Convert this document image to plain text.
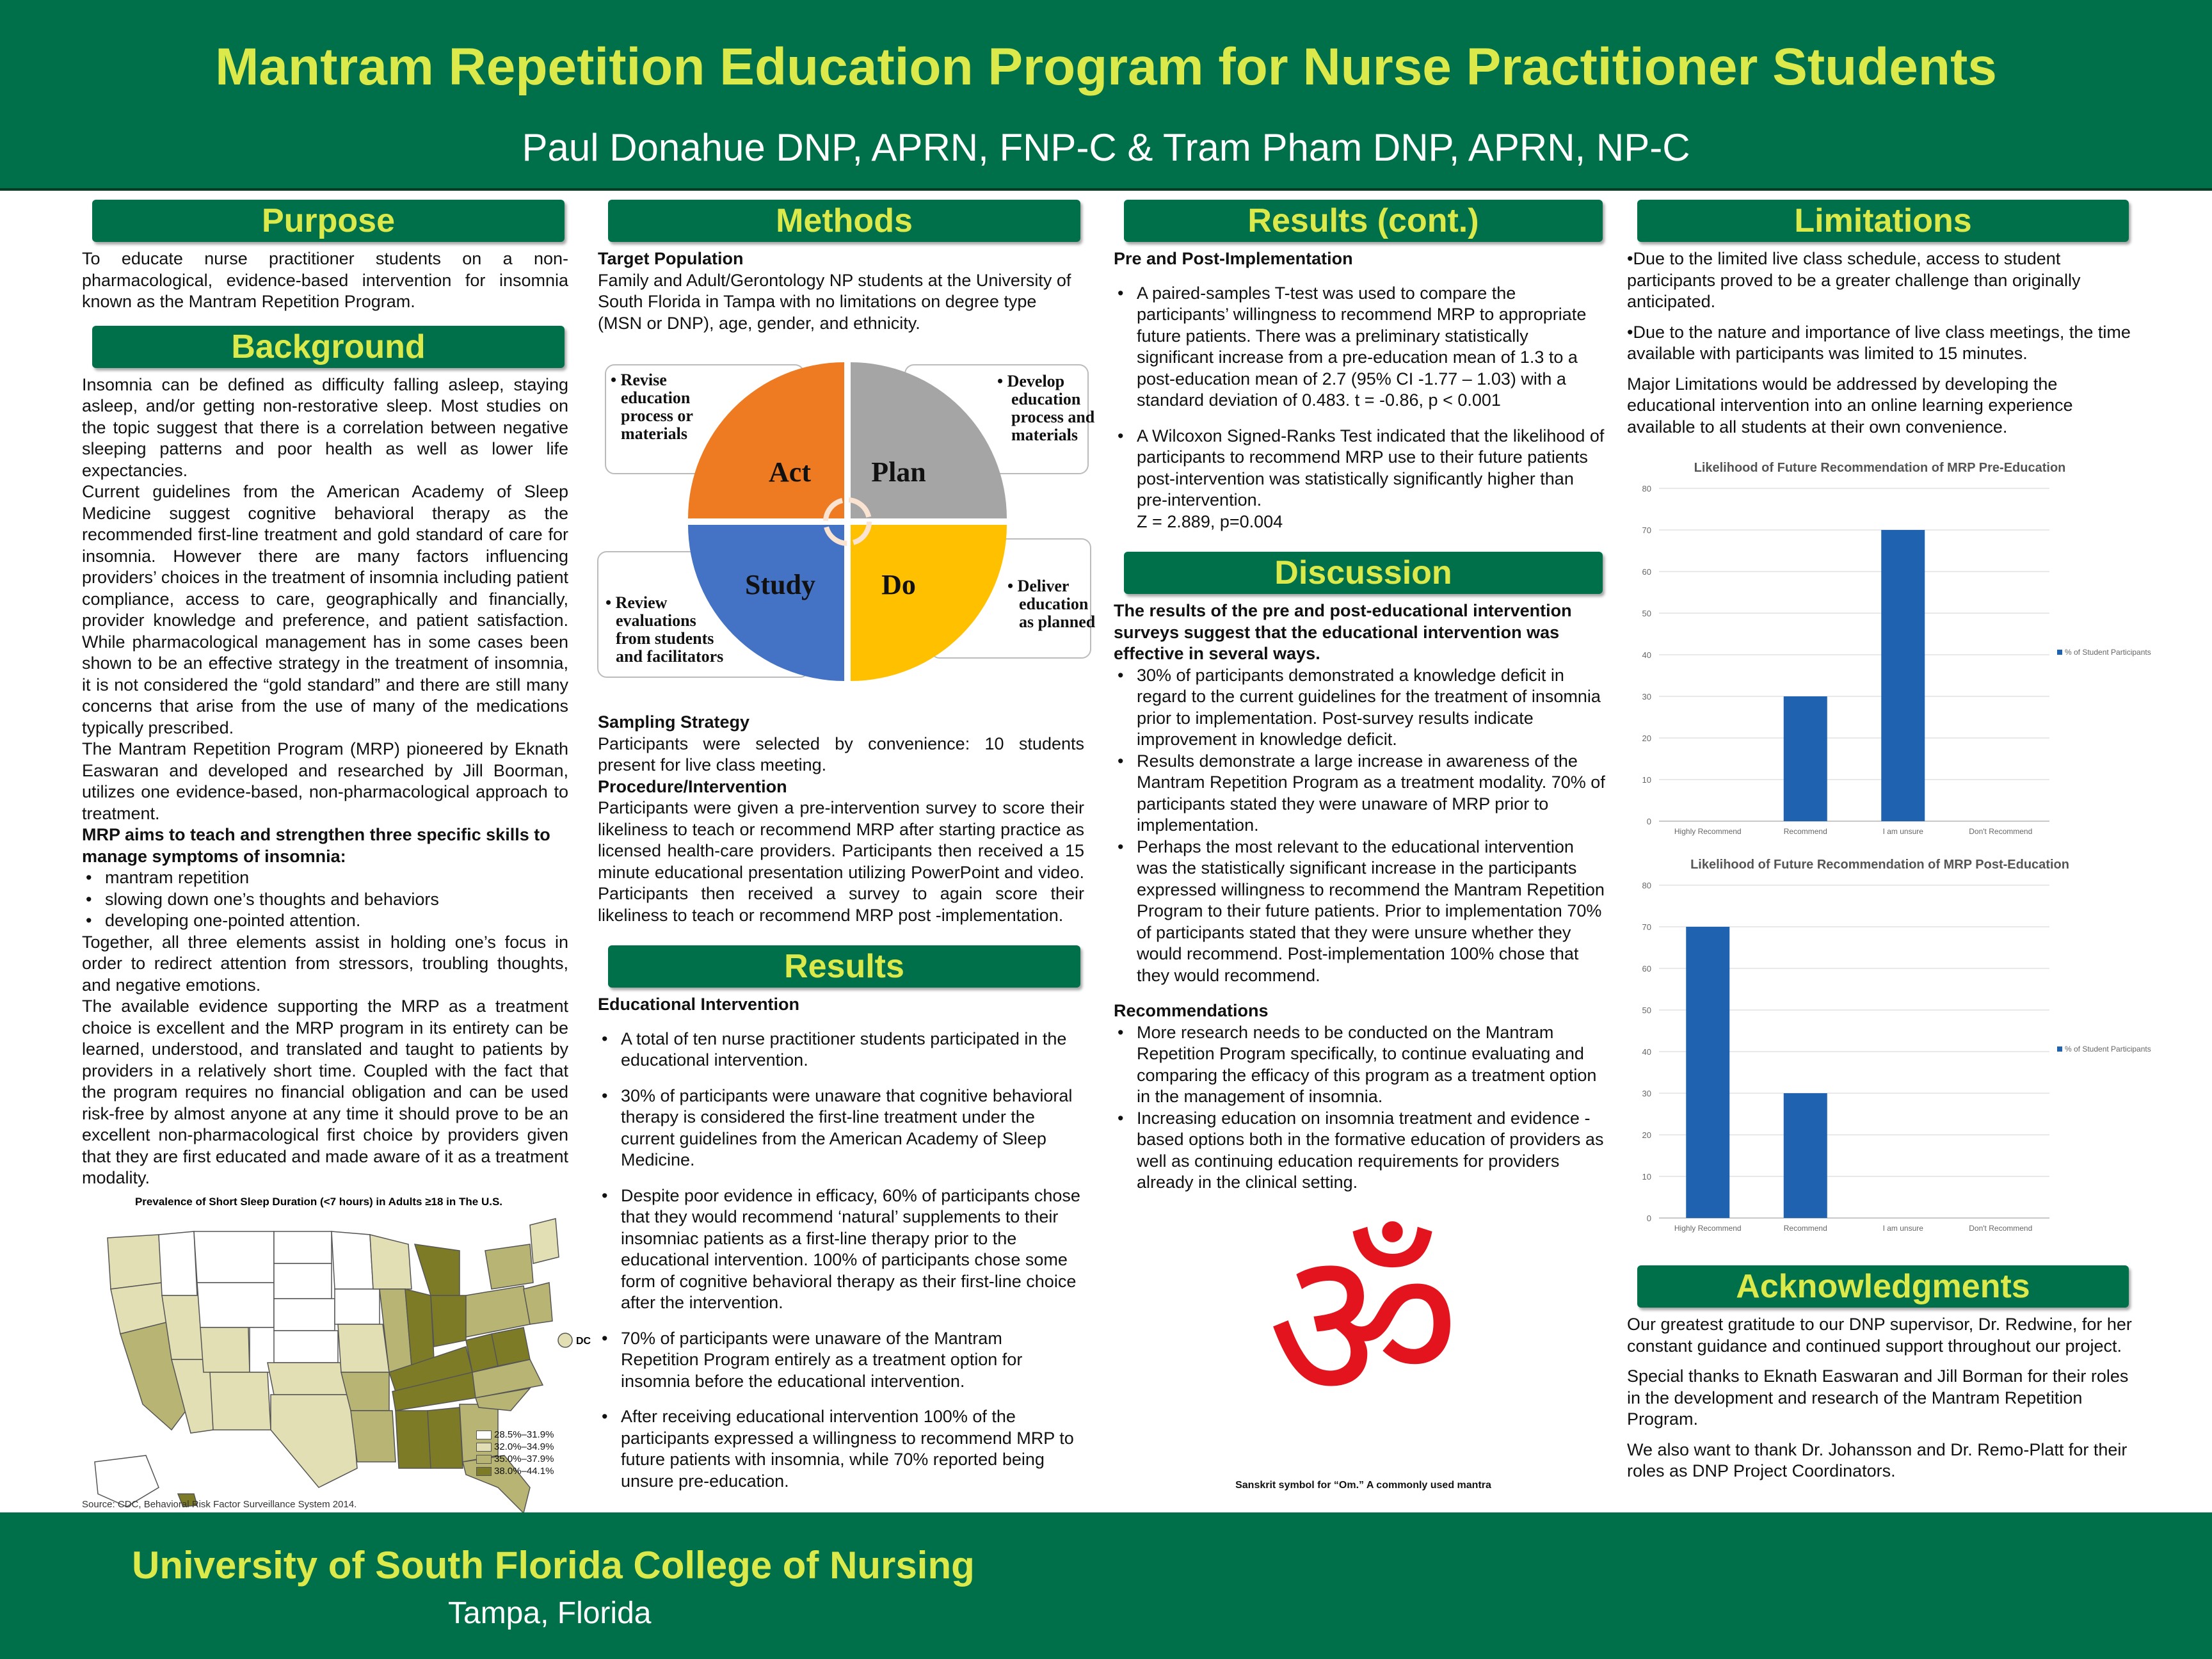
Mantram Repetition Education Program for Nurse Practitioner Students
Paul Donahue DNP, APRN, FNP-C & Tram Pham DNP, APRN, NP-C
Purpose

To educate nurse practitioner students on a non-pharmacological, evidence-based intervention for insomnia known as the Mantram Repetition Program.

Background

Insomnia can be defined as difficulty falling asleep, staying asleep, and/or getting non-restorative sleep. Most studies on the topic suggest that there is a correlation between negative sleeping patterns and poor health as well as lower life expectancies.

Current guidelines from the American Academy of Sleep Medicine suggest cognitive behavioral therapy as the recommended first-line treatment and gold standard of care for insomnia. However there are many factors influencing providers’ choices in the treatment of insomnia including patient compliance, access to care, geographically and financially, provider knowledge and preference, and patient satisfaction. While pharmacological management has in some cases been shown to be an effective strategy in the treatment of insomnia, it is not considered the “gold standard” and there are still many concerns that arise from the use of many of the medications typically prescribed.

The Mantram Repetition Program (MRP) pioneered by Eknath Easwaran and developed and researched by Jill Boorman, utilizes one evidence-based, non-pharmacological approach to treatment.

MRP aims to teach and strengthen three specific skills to manage symptoms of insomnia:

• mantram repetition
• slowing down one’s thoughts and behaviors
• developing one-pointed attention.

Together, all three elements assist in holding one’s focus in order to redirect attention from stressors, troubling thoughts, and negative emotions.

The available evidence supporting the MRP as a treatment choice is excellent and the MRP program in its entirety can be learned, understood, and translated and taught to patients by providers in a relatively short time. Coupled with the fact that the program requires no financial obligation and can be used risk-free by almost anyone at any time it should prove to be an excellent non-pharmacological first choice by providers given that they are first educated and made aware of it as a treatment modality.

Prevalence of Short Sleep Duration (<7 hours) in Adults ≥18 in The U.S.
DC
28.5%–31.9%
32.0%–34.9%
35.0%–37.9%
38.0%–44.1%
Source: CDC, Behavioral Risk Factor Surveillance System 2014.
Methods

Target Population

Family and Adult/Gerontology NP students at the University of South Florida in Tampa with no limitations on degree type (MSN or DNP), age, gender, and ethnicity.

Act Plan
Study Do
• Revise
education
process or
materials
• Develop
education
process and
materials
• Review
evaluations
from students
and facilitators
• Deliver
education
as planned

Sampling Strategy

Participants were selected by convenience: 10 students present for live class meeting.

Procedure/Intervention

Participants were given a pre-intervention survey to score their likeliness to teach or recommend MRP after starting practice as licensed health-care providers. Participants then received a 15 minute educational presentation utilizing PowerPoint and video. Participants then received a survey to again score their likeliness to teach or recommend MRP post -implementation.

Results

Educational Intervention

• A total of ten nurse practitioner students participated in the educational intervention.
• 30% of participants were unaware that cognitive behavioral therapy is considered the first-line treatment under the current guidelines from the American Academy of Sleep Medicine.
• Despite poor evidence in efficacy, 60% of participants chose that they would recommend ‘natural’ supplements to their insomniac patients as a first-line therapy prior to the educational intervention. 100% of participants chose some form of cognitive behavioral therapy as their first-line choice after the intervention.
• 70% of participants were unaware of the Mantram Repetition Program entirely as a treatment option for insomnia before the educational intervention.
• After receiving educational intervention 100% of the participants expressed a willingness to recommend MRP to future patients with insomnia, while 70% reported being unsure pre-education.
Results (cont.)

Pre and Post-Implementation

• A paired-samples T-test was used to compare the participants’ willingness to recommend MRP to appropriate future patients. There was a preliminary statistically significant increase from a pre-education mean of 1.3 to a post-education mean of 2.7 (95% CI -1.77 – 1.03) with a standard deviation of 0.483. t = -0.86, p < 0.001
• A Wilcoxon Signed-Ranks Test indicated that the likelihood of participants to recommend MRP use to their future patients post-intervention was statistically significantly higher than pre-intervention.
Z = 2.889, p=0.004
Discussion

The results of the pre and post-educational intervention surveys suggest that the educational intervention was effective in several ways.

• 30% of participants demonstrated a knowledge deficit in regard to the current guidelines for the treatment of insomnia prior to implementation. Post-survey results indicate improvement in knowledge deficit.
• Results demonstrate a large increase in awareness of the Mantram Repetition Program as a treatment modality. 70% of participants stated they were unaware of MRP prior to implementation.
• Perhaps the most relevant to the educational intervention was the statistically significant increase in the participants expressed willingness to recommend the Mantram Repetition Program to their future patients. Prior to implementation 70% of participants stated that they were unsure whether they would recommend. Post-implementation 100% chose that they would recommend.

Recommendations

• More research needs to be conducted on the Mantram Repetition Program specifically, to continue evaluating and comparing the efficacy of this program as a treatment option in the management of insomnia.
• Increasing education on insomnia treatment and evidence -based options both in the formative education of providers as well as continuing education requirements for providers already in the clinical setting.
ॐ
Sanskrit symbol for “Om.” A commonly used mantra
Limitations

•Due to the limited live class schedule, access to student participants proved to be a greater challenge than originally anticipated.

•Due to the nature and importance of live class meetings, the time available with participants was limited to 15 minutes.

Major Limitations would be addressed by developing the educational intervention into an online learning experience available to all students at their own convenience.

Likelihood of Future Recommendation of MRP Pre-Education
0
10
20
30
40
50
60
70
80
Highly Recommend	Recommend	I am unsure	Don't Recommend
% of Student Participants
Likelihood of Future Recommendation of MRP Post-Education
0
10
20
30
40
50
60
70
80
Highly Recommend	Recommend	I am unsure	Don't Recommend
% of Student Participants
Acknowledgments

Our greatest gratitude to our DNP supervisor, Dr. Redwine, for her constant guidance and continued support throughout our project.

Special thanks to Eknath Easwaran and Jill Borman for their roles in the development and research of the Mantram Repetition Program.

We also want to thank Dr. Johansson and Dr. Remo-Platt for their roles as DNP Project Coordinators.

University of South Florida College of Nursing
Tampa, Florida
